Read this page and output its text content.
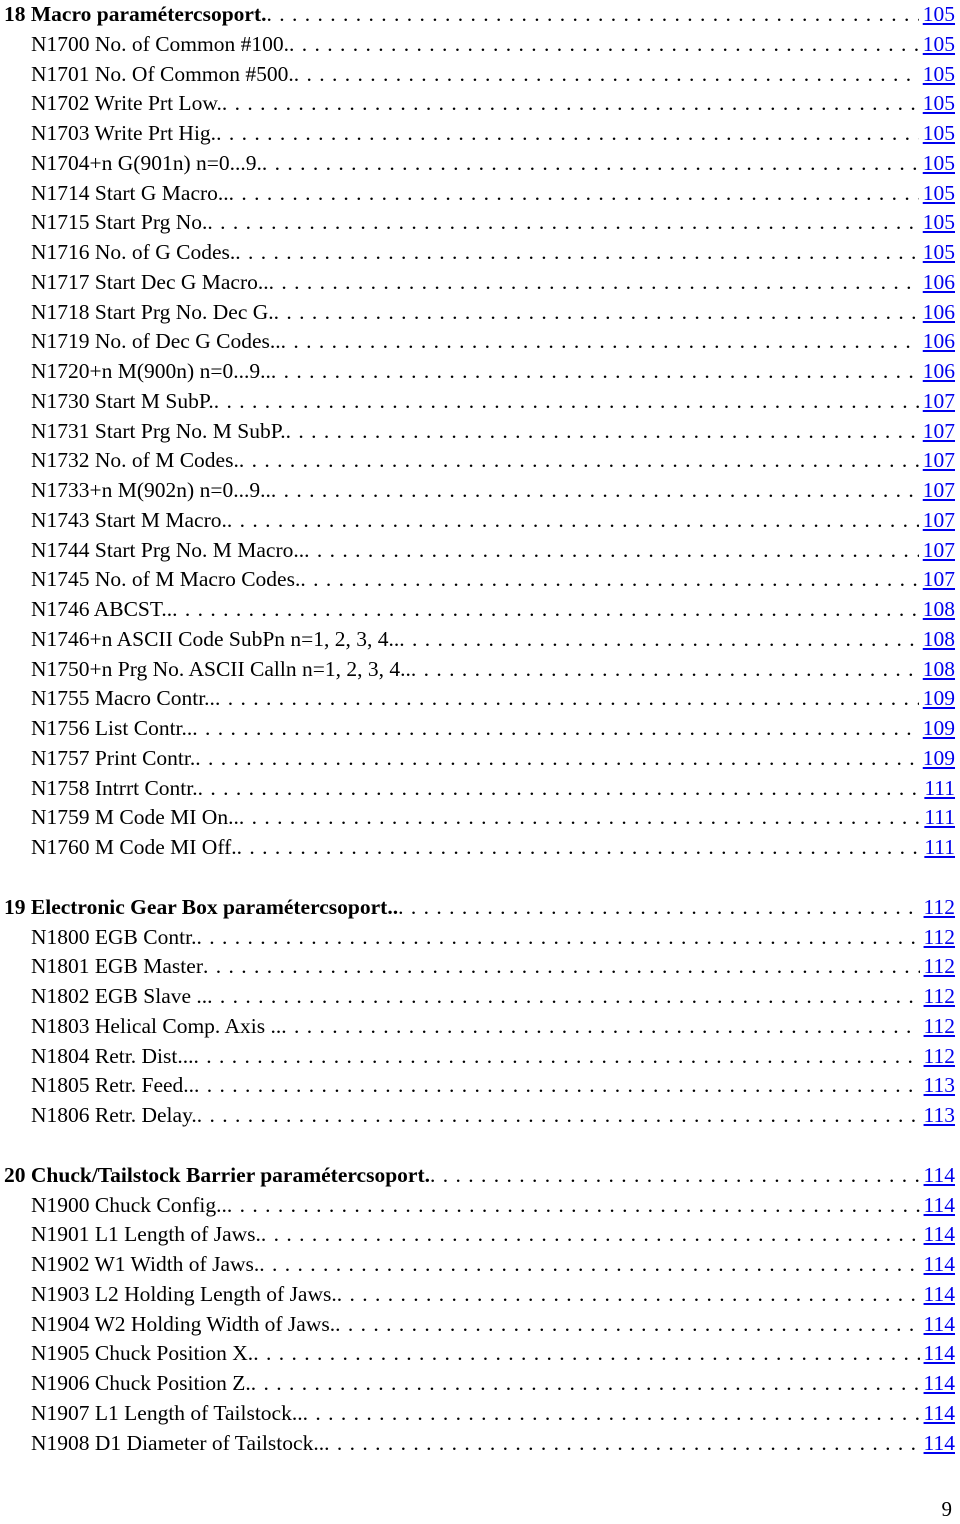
18 Macro paramétercsoport. . . .	105
N1700 No. of Common #100. . . .	105
N1701 No. Of Common #500. . . .	105
N1702 Write Prt Low. . . .	105
N1703 Write Prt Hig. . . .	105
N1704+n G(901n) n=0...9. . . .	105
N1714 Start G Macro.. . . .	105
N1715 Start Prg No. . . .	105
N1716 No. of G Codes. . . .	105
N1717 Start Dec G Macro.. . . .	106
N1718 Start Prg No. Dec G. . . .	106
N1719 No. of Dec G Codes.. . . .	106
N1720+n M(900n) n=0...9.. . . .	106
N1730 Start M SubP. . . .	107
N1731 Start Prg No. M SubP. . . .	107
N1732 No. of M Codes. . . .	107
N1733+n M(902n) n=0...9.. . . .	107
N1743 Start M Macro. . . .	107
N1744 Start Prg No. M Macro.. . . .	107
N1745 No. of M Macro Codes. . . .	107
N1746 ABCST.. . . .	108
N1746+n ASCII Code SubPn n=1, 2, 3, 4.. . . .	108
N1750+n Prg No. ASCII Calln n=1, 2, 3, 4.. . . .	108
N1755 Macro Contr.. . . .	109
N1756 List Contr.. . . .	109
N1757 Print Contr. . . .	109
N1758 Intrrt Contr. . . .	111
N1759 M Code MI On.. . . .	111
N1760 M Code MI Off. . . .	111
19 Electronic Gear Box paramétercsoport.. . . .	112
N1800 EGB Contr. . . .	112
N1801 EGB Master . . .	112
N1802 EGB Slave .. . . .	112
N1803 Helical Comp. Axis .. . . .	112
N1804 Retr. Dist... . . .	112
N1805 Retr. Feed.. . . .	113
N1806 Retr. Delay. . . .	113
20 Chuck/Tailstock Barrier paramétercsoport. . . .	114
N1900 Chuck Config.. . . .	114
N1901 L1 Length of Jaws. . . .	114
N1902 W1 Width of Jaws. . . .	114
N1903 L2 Holding Length of Jaws. . . .	114
N1904 W2 Holding Width of Jaws. . . .	114
N1905 Chuck Position X. . . .	114
N1906 Chuck Position Z. . . .	114
N1907 L1 Length of Tailstock.. . . .	114
N1908 D1 Diameter of Tailstock.. . . .	114
9
